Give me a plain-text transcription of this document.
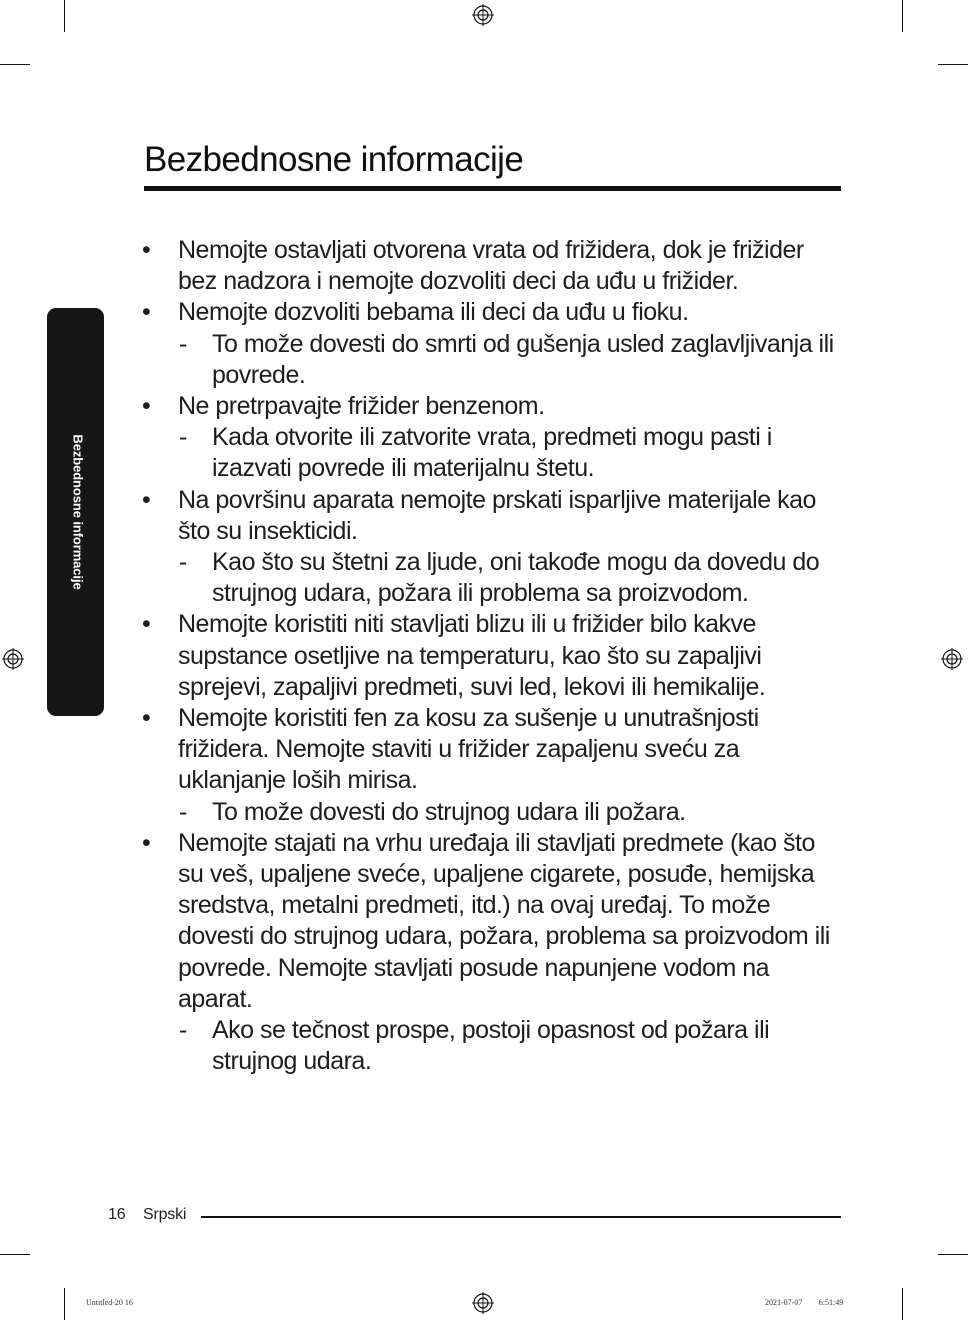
Bezbednosne informacije
Bezbednosne informacije
• Nemojte ostavljati otvorena vrata od frižidera, dok je frižider bez nadzora i nemojte dozvoliti deci da uđu u frižider.
• Nemojte dozvoliti bebama ili deci da uđu u fioku.
- To može dovesti do smrti od gušenja usled zaglavljivanja ili povrede.
• Ne pretrpavajte frižider benzenom.
- Kada otvorite ili zatvorite vrata, predmeti mogu pasti i izazvati povrede ili materijalnu štetu.
• Na površinu aparata nemojte prskati isparljive materijale kao što su insekticidi.
- Kao što su štetni za ljude, oni takođe mogu da dovedu do strujnog udara, požara ili problema sa proizvodom.
• Nemojte koristiti niti stavljati blizu ili u frižider bilo kakve supstance osetljive na temperaturu, kao što su zapaljivi sprejevi, zapaljivi predmeti, suvi led, lekovi ili hemikalije.
• Nemojte koristiti fen za kosu za sušenje u unutrašnjosti frižidera. Nemojte staviti u frižider zapaljenu sveću za uklanjanje loših mirisa.
- To može dovesti do strujnog udara ili požara.
• Nemojte stajati na vrhu uređaja ili stavljati predmete (kao što su veš, upaljene sveće, upaljene cigarete, posuđe, hemijska sredstva, metalni predmeti, itd.) na ovaj uređaj. To može dovesti do strujnog udara, požara, problema sa proizvodom ili povrede. Nemojte stavljati posude napunjene vodom na aparat.
- Ako se tečnost prospe, postoji opasnost od požara ili strujnog udara.
16 Srpski
Untitled-20 16	2021-07-07 ￿￿ 6:51:49
